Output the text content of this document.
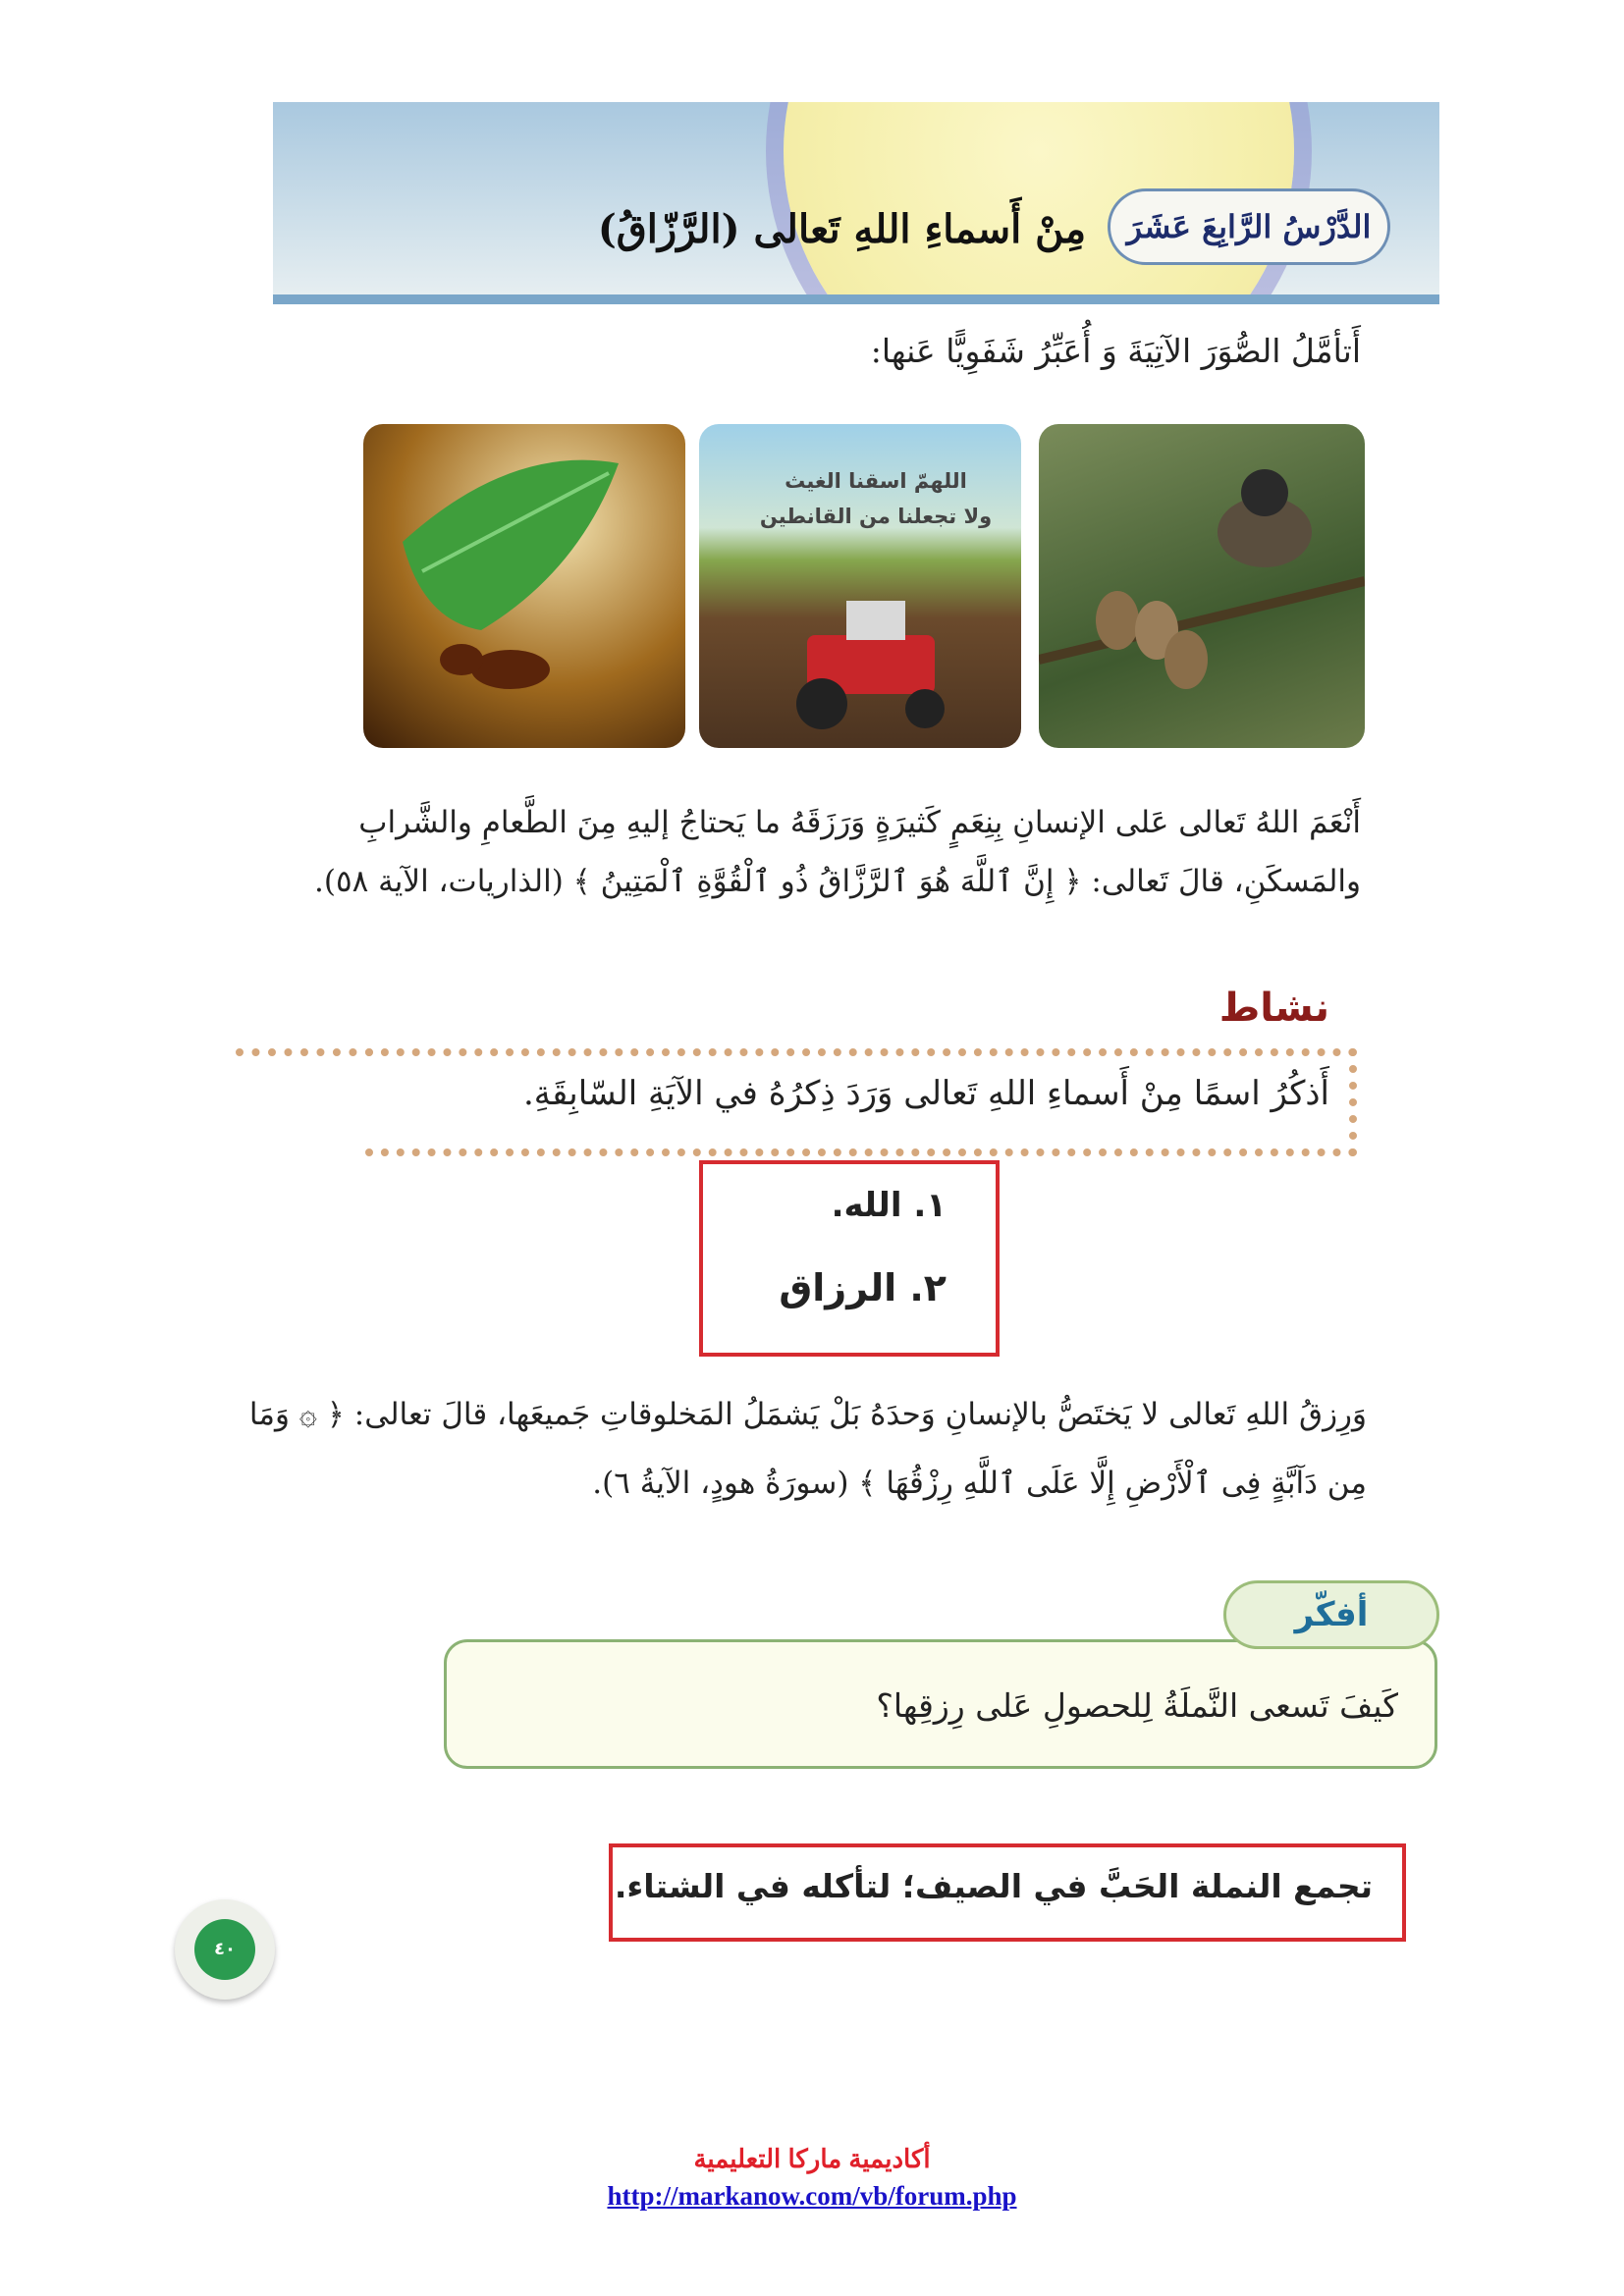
الدَّرْسُ الرَّابِعَ عَشَرَ
مِنْ أَسماءِ اللهِ تَعالى (الرَّزّاقُ)
أَتأمَّلُ الصُّوَرَ الآتِيَةَ وَ أُعَبِّرُ شَفَوِيًّا عَنها:
اللهمّ اسقنا الغيث
ولا تجعلنا من القانطين
أَنْعَمَ اللهُ تَعالى عَلى الإنسانِ بِنِعَمٍ كَثيرَةٍ وَرَزَقَهُ ما يَحتاجُ إليهِ مِنَ الطَّعامِ والشَّرابِ والمَسكَنِ، قالَ تَعالى: ﴿ إِنَّ ٱللَّهَ هُوَ ٱلرَّزَّاقُ ذُو ٱلْقُوَّةِ ٱلْمَتِينُ ﴾ (الذاريات، الآية ٥٨).
نشاط
أَذكُرُ اسمًا مِنْ أَسماءِ اللهِ تَعالى وَرَدَ ذِكرُهُ في الآيَةِ السّابِقَةِ.
١. الله.
٢. الرزاق
وَرِزقُ اللهِ تَعالى لا يَختَصُّ بالإنسانِ وَحدَهُ بَلْ يَشمَلُ المَخلوقاتِ جَميعَها، قالَ تعالى: ﴿ ۞ وَمَا مِن دَآبَّةٍ فِى ٱلْأَرْضِ إِلَّا عَلَى ٱللَّهِ رِزْقُهَا ﴾ (سورَةُ هودٍ، الآيةُ ٦).
أفكّر
كَيفَ تَسعى النَّملَةُ لِلحصولِ عَلى رِزقِها؟
تجمع النملة الحَبَّ في الصيف؛ لتأكله في الشتاء.
٤٠
أكاديمية ماركا التعليمية
http://markanow.com/vb/forum.php
